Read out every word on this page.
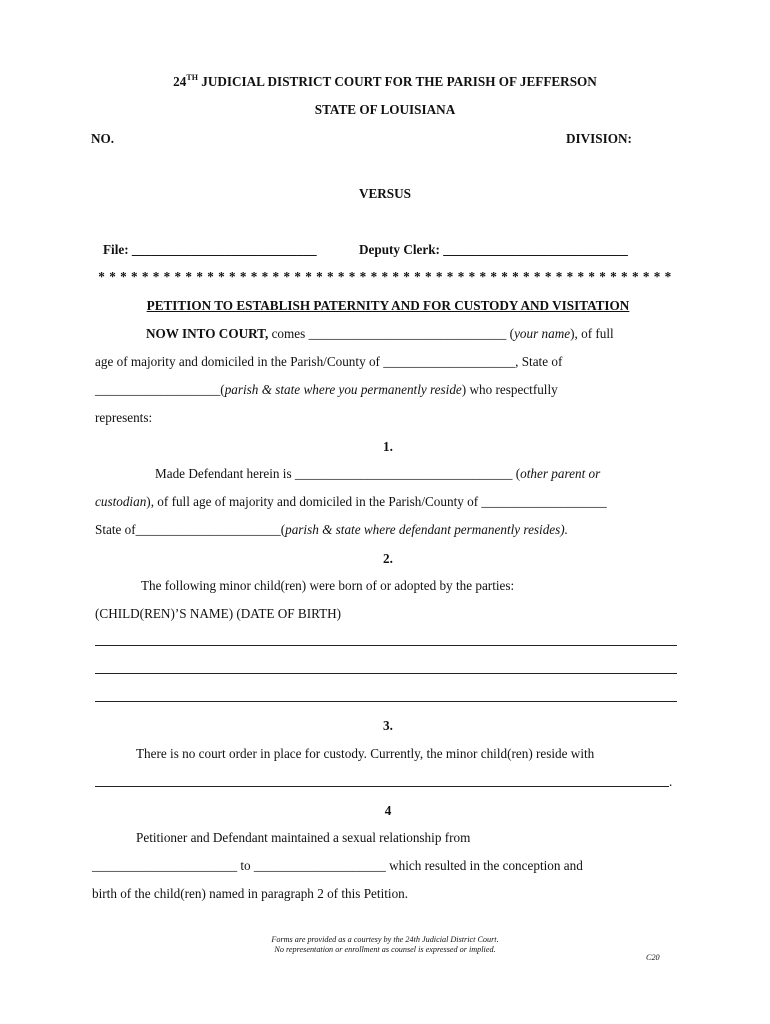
24TH JUDICIAL DISTRICT COURT FOR THE PARISH OF JEFFERSON
STATE OF LOUISIANA
NO.	DIVISION:
VERSUS
File: ____________________________	Deputy Clerk: ____________________________
* * * * * * * * * * * * * * * * * * * * * * * * * * * * * * * * * * * * * * * * * * * * * * * * * * * * *
PETITION TO ESTABLISH PATERNITY AND FOR CUSTODY AND VISITATION
NOW INTO COURT, comes ______________________________ (your name), of full
age of majority and domiciled in the Parish/County of ____________________, State of
___________________(parish & state where you permanently reside) who respectfully
represents:
1.
Made Defendant herein is _________________________________ (other parent or
custodian), of full age of majority and domiciled in the Parish/County of ___________________
State of______________________(parish & state where defendant permanently resides).
2.
The following minor child(ren) were born of or adopted by the parties:
(CHILD(REN)’S NAME) (DATE OF BIRTH)
3.
There is no court order in place for custody. Currently, the minor child(ren) reside with
.
4
Petitioner and Defendant maintained a sexual relationship from
______________________ to ____________________ which resulted in the conception and
birth of the child(ren) named in paragraph 2 of this Petition.
Forms are provided as a courtesy by the 24th Judicial District Court.
No representation or enrollment as counsel is expressed or implied.
C20
